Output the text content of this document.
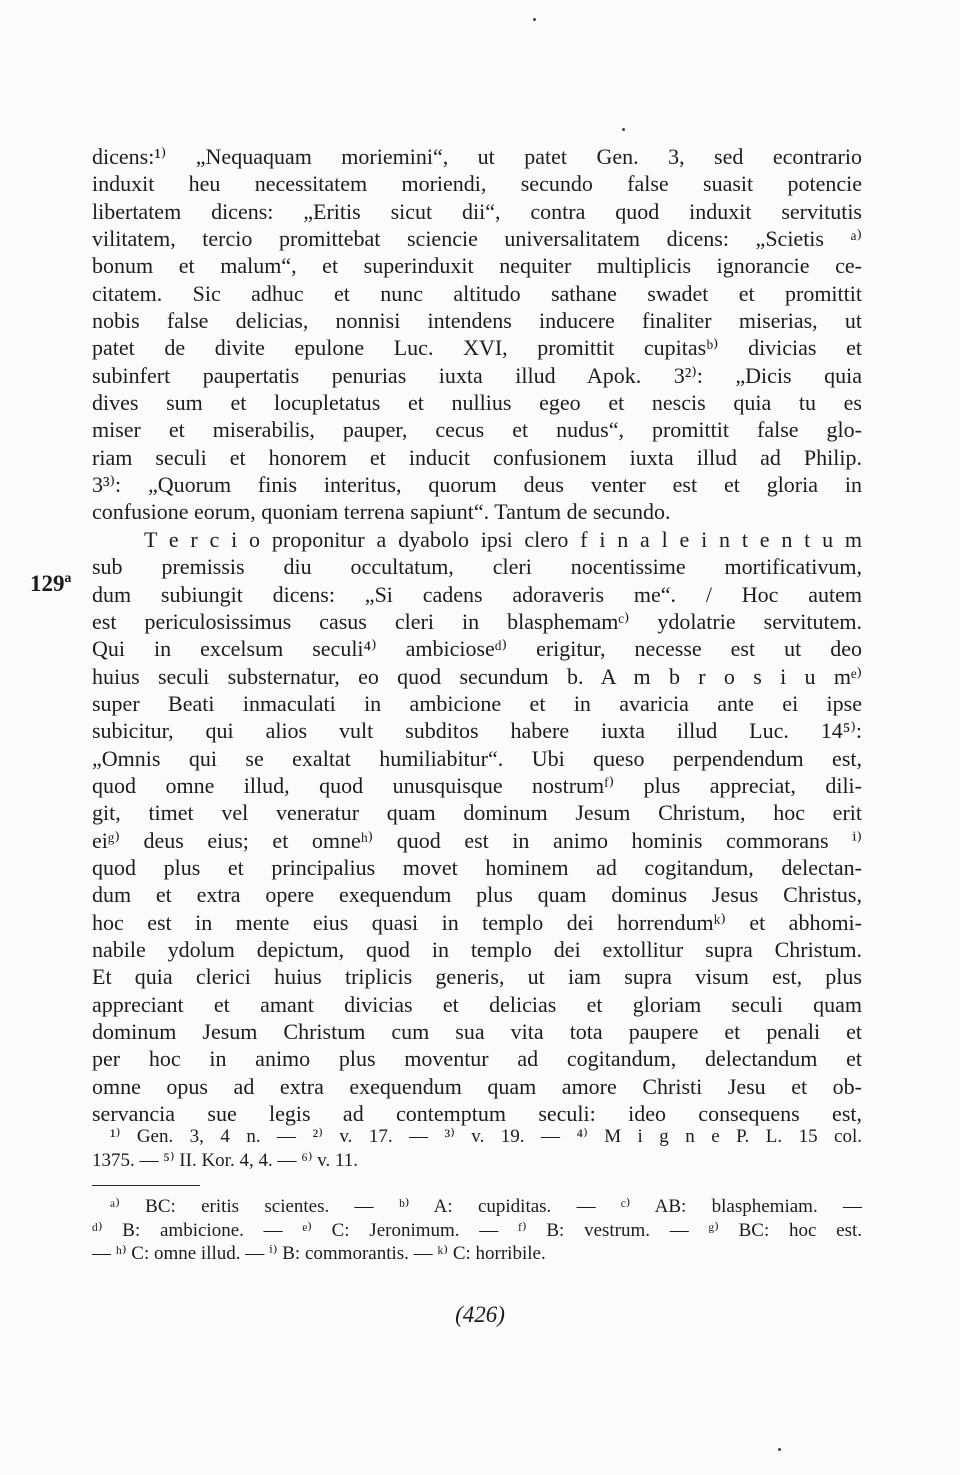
129ª
dicens:¹⁾ „Nequaquam moriemini“, ut patet Gen. 3, sed econtrario
induxit heu necessitatem moriendi, secundo false suasit potencie
libertatem dicens: „Eritis sicut dii“, contra quod induxit servitutis
vilitatem, tercio promittebat sciencie universalitatem dicens: „Scietis ᵃ⁾
bonum et malum“, et superinduxit nequiter multiplicis ignorancie ce-
citatem. Sic adhuc et nunc altitudo sathane swadet et promittit
nobis false delicias, nonnisi intendens inducere finaliter miserias, ut
patet de divite epulone Luc. XVI, promittit cupitasᵇ⁾ divicias et
subinfert paupertatis penurias iuxta illud Apok. 3²⁾: „Dicis quia
dives sum et locupletatus et nullius egeo et nescis quia tu es
miser et miserabilis, pauper, cecus et nudus“, promittit false glo-
riam seculi et honorem et inducit confusionem iuxta illud ad Philip.
3³⁾: „Quorum finis interitus, quorum deus venter est et gloria in
confusione eorum, quoniam terrena sapiunt“. Tantum de secundo.
T e r c i o proponitur a dyabolo ipsi clero f i n a l e i n t e n t u m
sub premissis diu occultatum, cleri nocentissime mortificativum,
dum subiungit dicens: „Si cadens adoraveris me“. / Hoc autem
est periculosissimus casus cleri in blasphemamᶜ⁾ ydolatrie servitutem.
Qui in excelsum seculi⁴⁾ ambicioseᵈ⁾ erigitur, necesse est ut deo
huius seculi substernatur, eo quod secundum b. A m b r o s i u mᵉ⁾
super Beati inmaculati in ambicione et in avaricia ante ei ipse
subicitur, qui alios vult subditos habere iuxta illud Luc. 14⁵⁾:
„Omnis qui se exaltat humiliabitur“. Ubi queso perpendendum est,
quod omne illud, quod unusquisque nostrumᶠ⁾ plus appreciat, dili-
git, timet vel veneratur quam dominum Jesum Christum, hoc erit
eiᵍ⁾ deus eius; et omneʰ⁾ quod est in animo hominis commorans ⁱ⁾
quod plus et principalius movet hominem ad cogitandum, delectan-
dum et extra opere exequendum plus quam dominus Jesus Christus,
hoc est in mente eius quasi in templo dei horrendumᵏ⁾ et abhomi-
nabile ydolum depictum, quod in templo dei extollitur supra Christum.
Et quia clerici huius triplicis generis, ut iam supra visum est, plus
appreciant et amant divicias et delicias et gloriam seculi quam
dominum Jesum Christum cum sua vita tota paupere et penali et
per hoc in animo plus moventur ad cogitandum, delectandum et
omne opus ad extra exequendum quam amore Christi Jesu et ob-
servancia sue legis ad contemptum seculi: ideo consequens est,
¹⁾ Gen. 3, 4 n. — ²⁾ v. 17. — ³⁾ v. 19. — ⁴⁾ M i g n e P. L. 15 col.
1375. — ⁵⁾ II. Kor. 4, 4. — ⁶⁾ v. 11.
ᵃ⁾ BC: eritis scientes. — ᵇ⁾ A: cupiditas. — ᶜ⁾ AB: blasphemiam. —
ᵈ⁾ B: ambicione. — ᵉ⁾ C: Jeronimum. — ᶠ⁾ B: vestrum. — ᵍ⁾ BC: hoc est.
— ʰ⁾ C: omne illud. — ⁱ⁾ B: commorantis. — ᵏ⁾ C: horribile.
(426)
